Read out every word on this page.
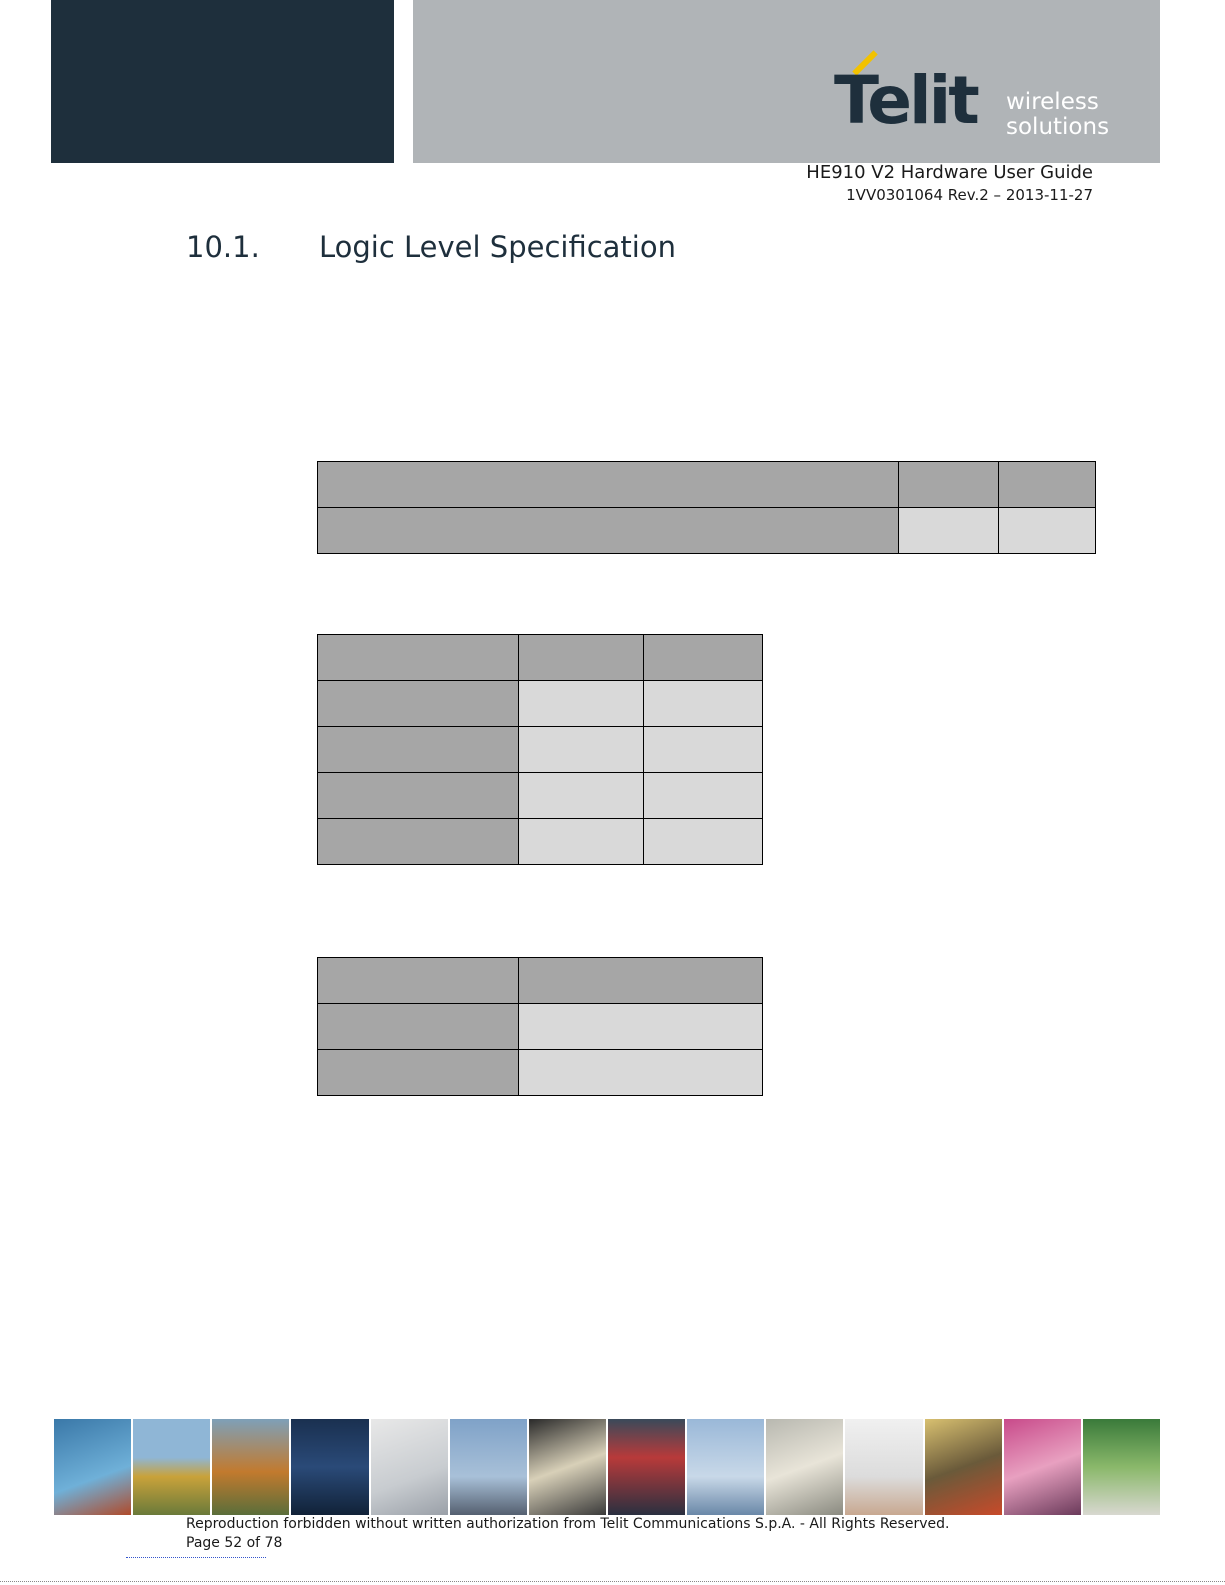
Telit wireless
solutions
HE910 V2 Hardware User Guide
1VV0301064 Rev.2 – 2013-11-27
10.1. Logic Level Specification

Reproduction forbidden without written authorization from Telit Communications S.p.A. - All Rights Reserved.
Page 52 of 78
